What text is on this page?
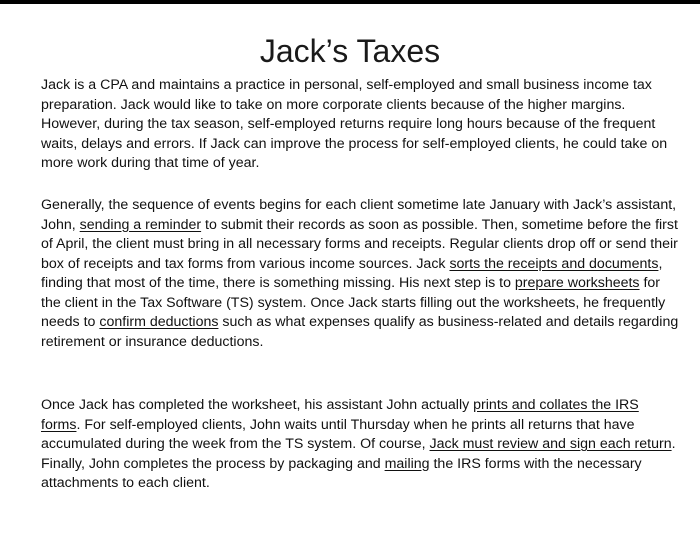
Jack’s Taxes

Jack is a CPA and maintains a practice in personal, self-employed and small business income tax preparation. Jack would like to take on more corporate clients because of the higher margins. However, during the tax season, self-employed returns require long hours because of the frequent waits, delays and errors. If Jack can improve the process for self-employed clients, he could take on more work during that time of year.

Generally, the sequence of events begins for each client sometime late January with Jack’s assistant, John, sending a reminder to submit their records as soon as possible. Then, sometime before the first of April, the client must bring in all necessary forms and receipts. Regular clients drop off or send their box of receipts and tax forms from various income sources. Jack sorts the receipts and documents, finding that most of the time, there is something missing. His next step is to prepare worksheets for the client in the Tax Software (TS) system. Once Jack starts filling out the worksheets, he frequently needs to confirm deductions such as what expenses qualify as business-related and details regarding retirement or insurance deductions.

Once Jack has completed the worksheet, his assistant John actually prints and collates the IRS forms. For self-employed clients, John waits until Thursday when he prints all returns that have accumulated during the week from the TS system. Of course, Jack must review and sign each return. Finally, John completes the process by packaging and mailing the IRS forms with the necessary attachments to each client.
